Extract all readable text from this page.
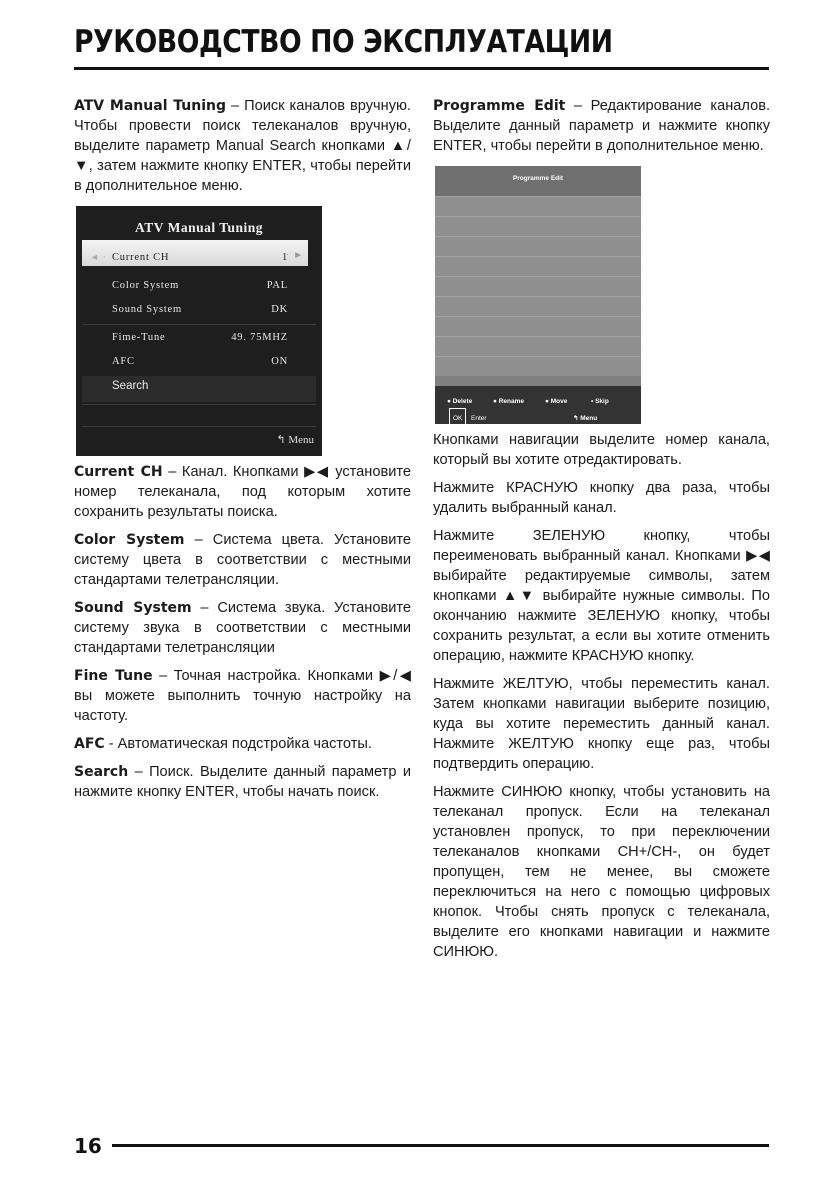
РУКОВОДСТВО ПО ЭКСПЛУАТАЦИИ

ATV Manual Tuning – Поиск каналов вручную. Чтобы провести поиск телеканалов вручную, выделите параметр Manual Search кнопками ▲/▼, затем нажмите кнопку ENTER, чтобы перейти в дополнительное меню.

ATV Manual Tuning
◄ · Current CH	1
· ►
Color System	PAL
Sound System	DK
Fime-Tune	49. 75MHZ
AFC	ON
Search
↰ Menu

Current CH – Канал. Кнопками ▶◀ установите номер телеканала, под которым хотите сохранить результаты поиска.

Color System – Система цвета. Установите систему цвета в соответствии с местными стандартами телетрансляции.

Sound System – Система звука. Установите систему звука в соответствии с местными стандартами телетрансляции

Fine Tune – Точная настройка. Кнопками ▶/◀ вы можете выполнить точную настройку на частоту.

AFC - Автоматическая подстройка частоты.

Search – Поиск. Выделите данный параметр и нажмите кнопку ENTER, чтобы начать поиск.

Programme Edit – Редактирование каналов. Выделите данный параметр и нажмите кнопку ENTER, чтобы перейти в дополнительное меню.

Programme Edit
● Delete	● Rename	● Move	• Skip
OK	Enter	↰ Menu

Кнопками навигации выделите номер канала, который вы хотите отредактировать.

Нажмите КРАСНУЮ кнопку два раза, чтобы удалить выбранный канал.

Нажмите ЗЕЛЕНУЮ кнопку, чтобы переименовать выбранный канал. Кнопками ▶◀ выбирайте редактируемые символы, затем кнопками ▲▼ выбирайте нужные символы. По окончанию нажмите ЗЕЛЕНУЮ кнопку, чтобы сохранить результат, а если вы хотите отменить операцию, нажмите КРАСНУЮ кнопку.

Нажмите ЖЕЛТУЮ, чтобы переместить канал. Затем кнопками навигации выберите позицию, куда вы хотите переместить данный канал. Нажмите ЖЕЛТУЮ кнопку еще раз, чтобы подтвердить операцию.

Нажмите СИНЮЮ кнопку, чтобы установить на телеканал пропуск. Если на телеканал установлен пропуск, то при переключении телеканалов кнопками CH+/CH-, он будет пропущен, тем не менее, вы сможете переключиться на него с помощью цифровых кнопок. Чтобы снять пропуск с телеканала, выделите его кнопками навигации и нажмите СИНЮЮ.

16
